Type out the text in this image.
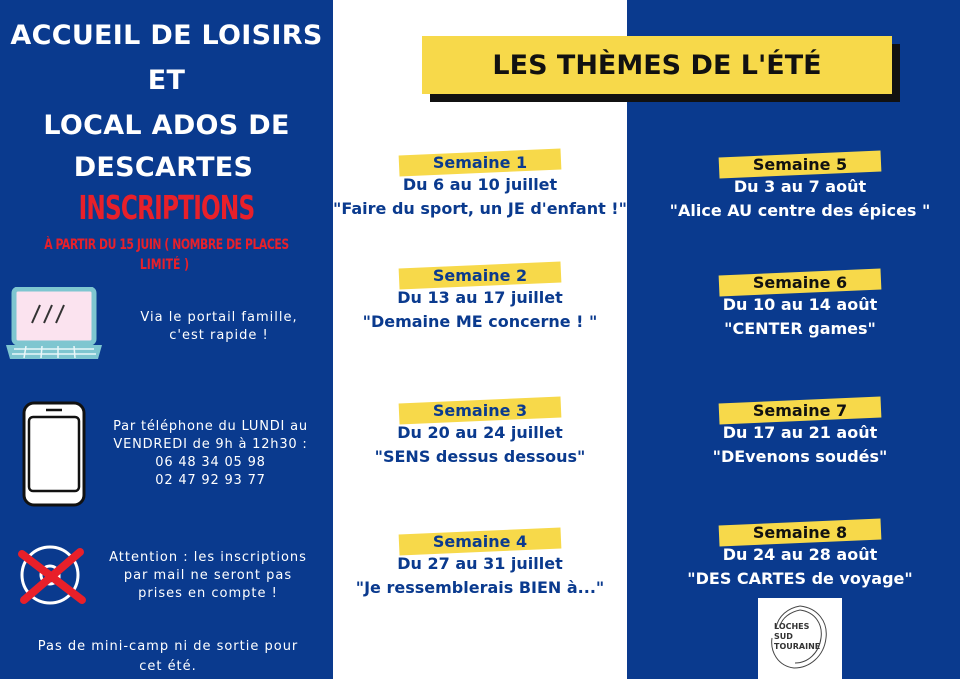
ACCUEIL DE LOISIRS
ET
LOCAL ADOS DE
DESCARTES
INSCRIPTIONS
À PARTIR DU 15 JUIN ( NOMBRE DE PLACES
LIMITÉ )
Via le portail famille,
c'est rapide !
Par téléphone du LUNDI au
VENDREDI de 9h à 12h30 :
06 48 34 05 98
02 47 92 93 77
Attention : les inscriptions
par mail ne seront pas
prises en compte !
Pas de mini-camp ni de sortie pour
cet été.
LES THÈMES DE L'ÉTÉ
Semaine 1
Du 6 au 10 juillet
"Faire du sport, un JE d'enfant !"
Semaine 2
Du 13 au 17 juillet
"Demaine ME concerne ! "
Semaine 3
Du 20 au 24 juillet
"SENS dessus dessous"
Semaine 4
Du 27 au 31 juillet
"Je ressemblerais BIEN à..."
Semaine 5
Du 3 au 7 août
"Alice AU centre des épices "
Semaine 6
Du 10 au 14 août
"CENTER games"
Semaine 7
Du 17 au 21 août
"DEvenons soudés"
Semaine 8
Du 24 au 28 août
"DES CARTES de voyage"
LOCHES
SUD
TOURAINE
